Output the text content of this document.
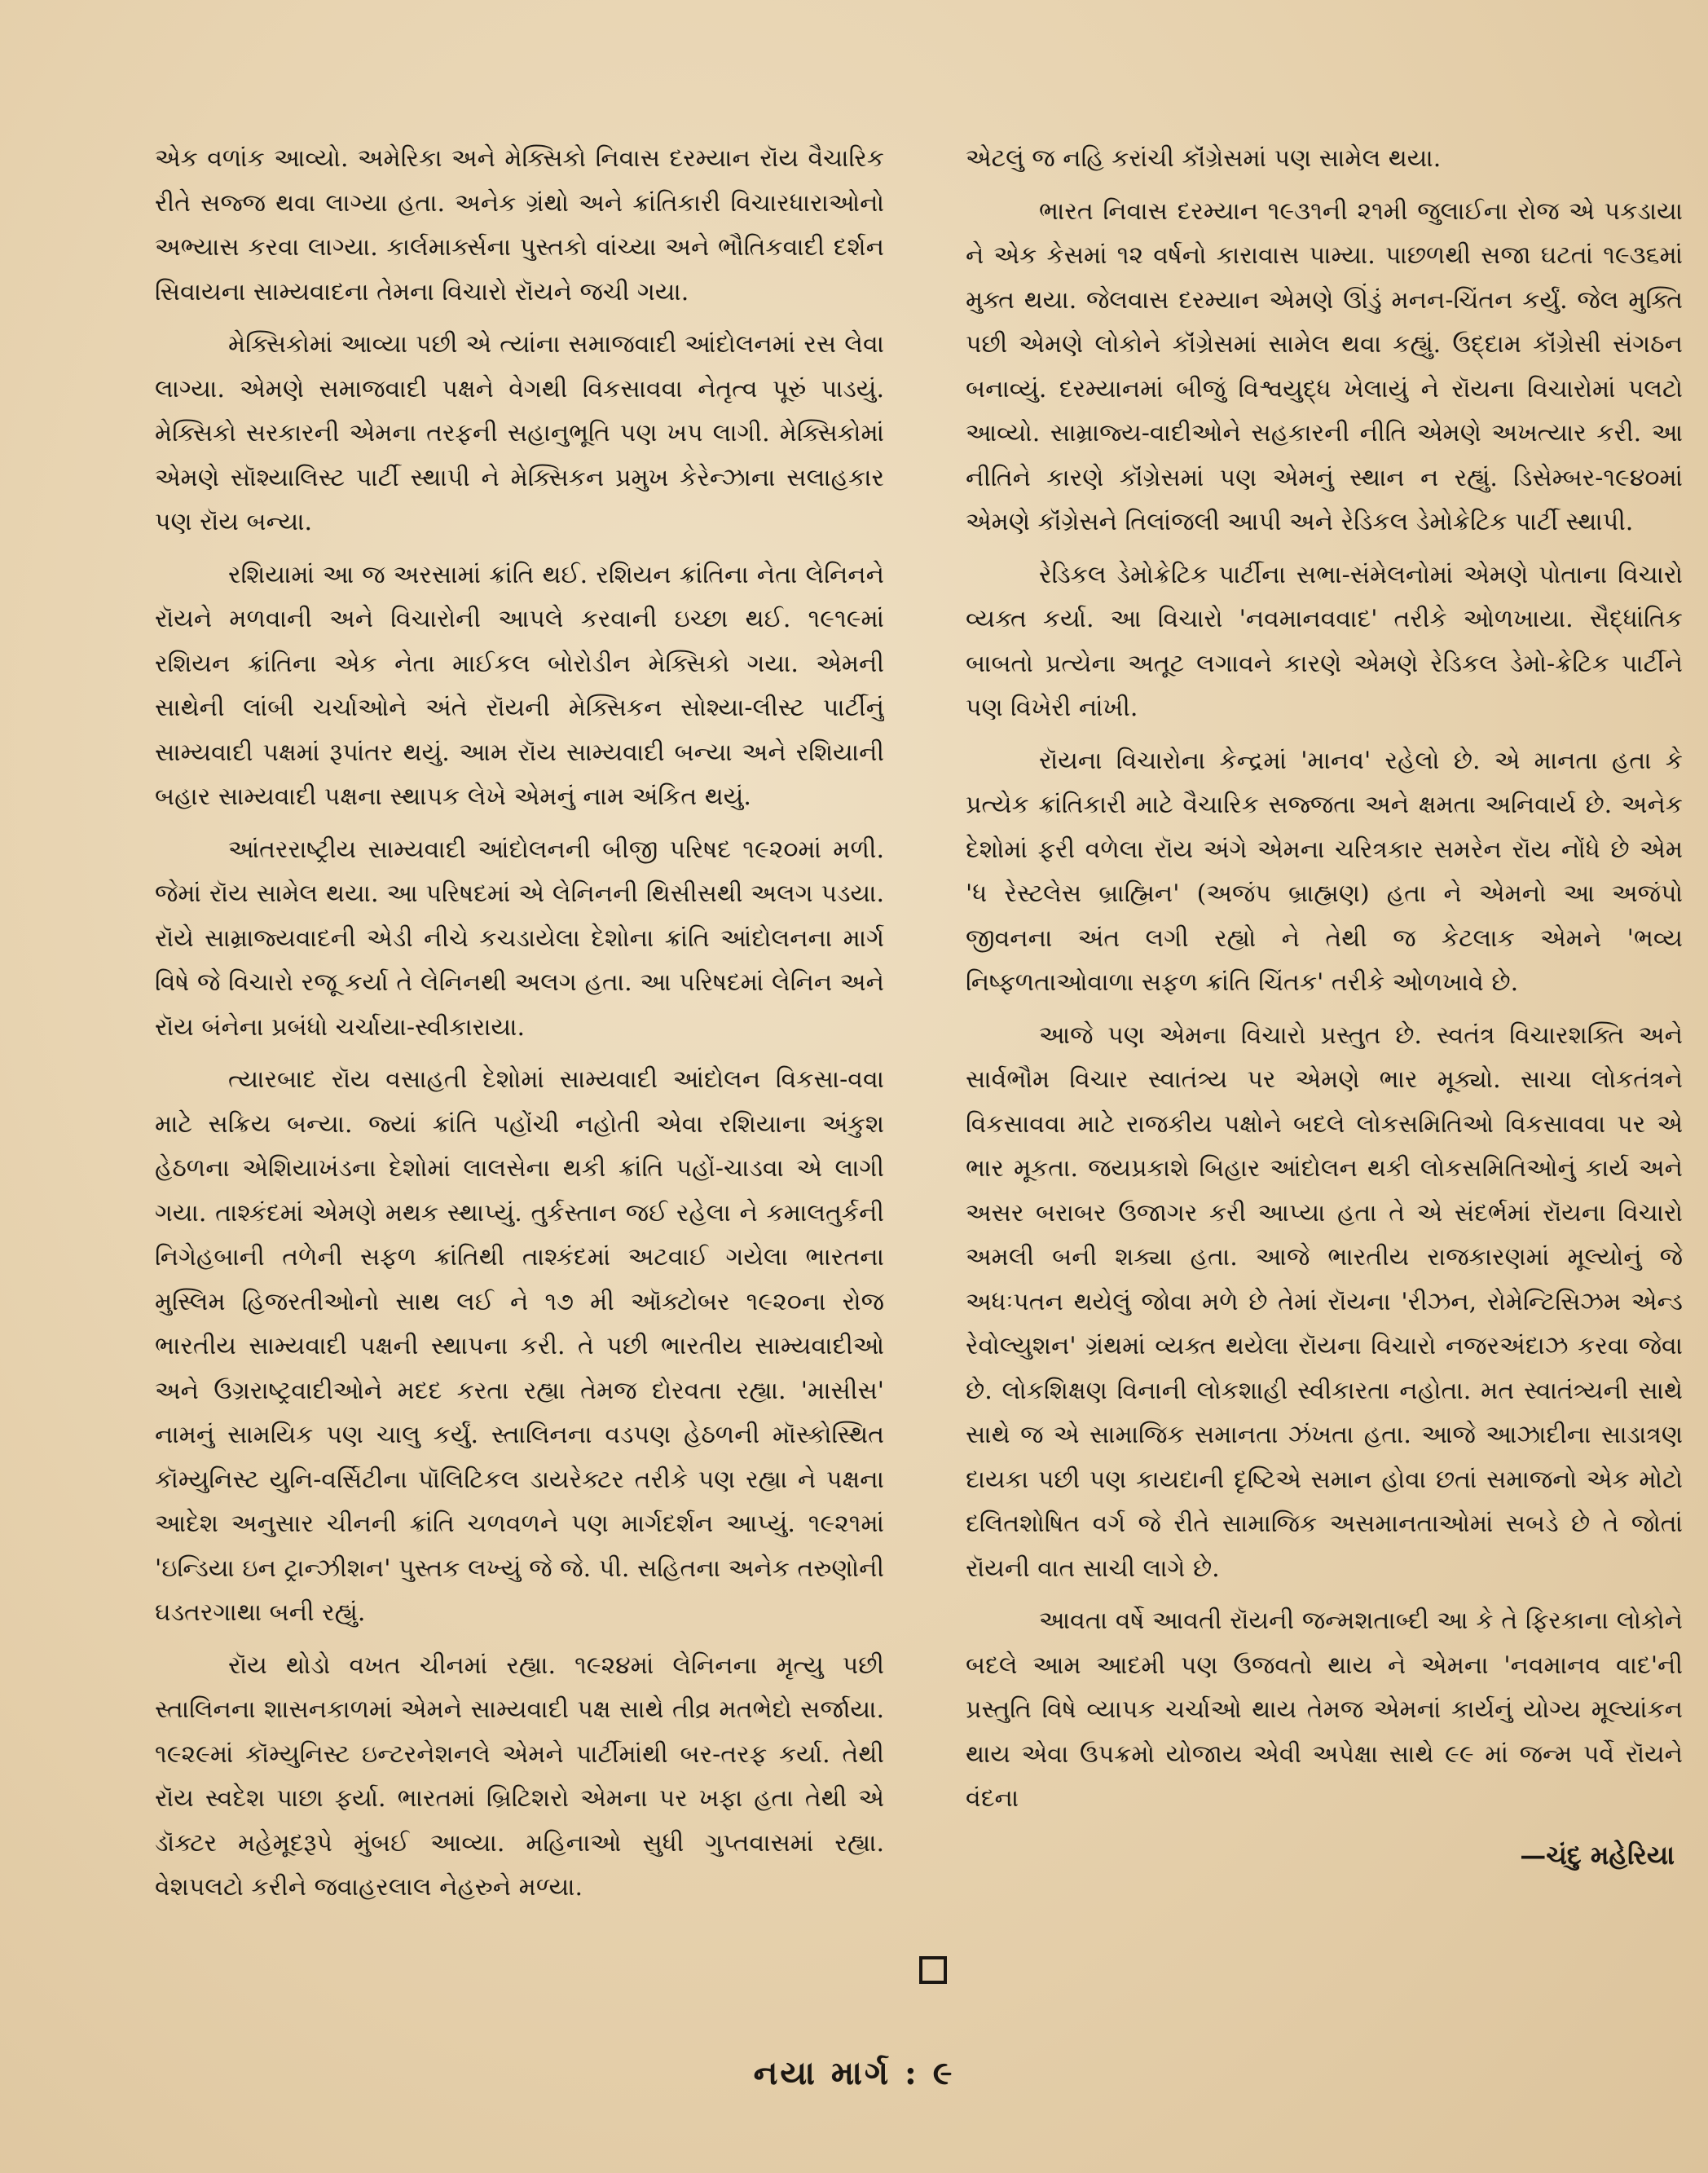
એક વળાંક આવ્યો. અમેરિકા અને મેક્સિકો નિવાસ દરમ્યાન રૉય વૈચારિક રીતે સજ્જ થવા લાગ્યા હતા. અનેક ગ્રંથો અને ક્રાંતિકારી વિચારધારાઓનો અભ્યાસ કરવા લાગ્યા. કાર્લમાર્ક્સના પુસ્તકો વાંચ્યા અને ભૌતિકવાદી દર્શન સિવાયના સામ્યવાદના તેમના વિચારો રૉયને જચી ગયા.

મેક્સિકોમાં આવ્યા પછી એ ત્યાંના સમાજવાદી આંદોલનમાં રસ લેવા લાગ્યા. એમણે સમાજવાદી પક્ષને વેગથી વિકસાવવા નેતૃત્વ પૂરું પાડયું. મેક્સિકો સરકારની એમના તરફની સહાનુભૂતિ પણ ખપ લાગી. મેક્સિકોમાં એમણે સૉશ્યાલિસ્ટ પાર્ટી સ્થાપી ને મેક્સિકન પ્રમુખ કેરેન્ઝાના સલાહકાર પણ રૉય બન્યા.

રશિયામાં આ જ અરસામાં ક્રાંતિ થઈ. રશિયન ક્રાંતિના નેતા લેનિનને રૉયને મળવાની અને વિચારોની આપલે કરવાની ઇચ્છા થઈ. ૧૯૧૯માં રશિયન ક્રાંતિના એક નેતા માઈકલ બોરોડીન મેક્સિકો ગયા. એમની સાથેની લાંબી ચર્ચાઓને અંતે રૉયની મેક્સિકન સોશ્યા-લીસ્ટ પાર્ટીનું સામ્યવાદી પક્ષમાં રૂપાંતર થયું. આમ રૉય સામ્યવાદી બન્યા અને રશિયાની બહાર સામ્યવાદી પક્ષના સ્થાપક લેખે એમનું નામ અંકિત થયું.

આંતરરાષ્ટ્રીય સામ્યવાદી આંદોલનની બીજી પરિષદ ૧૯૨૦માં મળી. જેમાં રૉય સામેલ થયા. આ પરિષદમાં એ લેનિનની થિસીસથી અલગ પડયા. રૉયે સામ્રાજ્યવાદની એડી નીચે કચડાયેલા દેશોના ક્રાંતિ આંદોલનના માર્ગ વિષે જે વિચારો રજૂ કર્યા તે લેનિનથી અલગ હતા. આ પરિષદમાં લેનિન અને રૉય બંનેના પ્રબંધો ચર્ચાયા-સ્વીકારાયા.

ત્યારબાદ રૉય વસાહતી દેશોમાં સામ્યવાદી આંદોલન વિકસા-વવા માટે સક્રિય બન્યા. જ્યાં ક્રાંતિ પહોંચી નહોતી એવા રશિયાના અંકુશ હેઠળના એશિયાખંડના દેશોમાં લાલસેના થકી ક્રાંતિ પહોં-ચાડવા એ લાગી ગયા. તાશ્કંદમાં એમણે મથક સ્થાપ્યું. તુર્કસ્તાન જઈ રહેલા ને કમાલતુર્કની નિગેહબાની તળેની સફળ ક્રાંતિથી તાશ્કંદમાં અટવાઈ ગયેલા ભારતના મુસ્લિમ હિજરતીઓનો સાથ લઈ ને ૧૭ મી ઑક્ટોબર ૧૯૨૦ના રોજ ભારતીય સામ્યવાદી પક્ષની સ્થાપના કરી. તે પછી ભારતીય સામ્યવાદીઓ અને ઉગ્રરાષ્ટ્રવાદીઓને મદદ કરતા રહ્યા તેમજ દોરવતા રહ્યા. 'માસીસ' નામનું સામયિક પણ ચાલુ કર્યું. સ્તાલિનના વડપણ હેઠળની મૉસ્કોસ્થિત કૉમ્યુનિસ્ટ યુનિ-વર્સિટીના પૉલિટિકલ ડાયરેક્ટર તરીકે પણ રહ્યા ને પક્ષના આદેશ અનુસાર ચીનની ક્રાંતિ ચળવળને પણ માર્ગદર્શન આપ્યું. ૧૯૨૧માં 'ઇન્ડિયા ઇન ટ્રાન્ઝીશન' પુસ્તક લખ્યું જે જે. પી. સહિતના અનેક તરુણોની ઘડતરગાથા બની રહ્યું.

રૉય થોડો વખત ચીનમાં રહ્યા. ૧૯૨૪માં લેનિનના મૃત્યુ પછી સ્તાલિનના શાસનકાળમાં એમને સામ્યવાદી પક્ષ સાથે તીવ્ર મતભેદો સર્જાયા. ૧૯૨૯માં કૉમ્યુનિસ્ટ ઇન્ટરનેશનલે એમને પાર્ટીમાંથી બર-તરફ કર્યા. તેથી રૉય સ્વદેશ પાછા ફર્યા. ભારતમાં બ્રિટિશરો એમના પર ખફા હતા તેથી એ ડૉક્ટર મહેમૂદરૂપે મુંબઈ આવ્યા. મહિનાઓ સુધી ગુપ્તવાસમાં રહ્યા. વેશપલટો કરીને જવાહરલાલ નેહરુને મળ્યા.

એટલું જ નહિ કરાંચી કૉંગ્રેસમાં પણ સામેલ થયા.

ભારત નિવાસ દરમ્યાન ૧૯૩૧ની ૨૧મી જુલાઈના રોજ એ પકડાયા ને એક કેસમાં ૧૨ વર્ષનો કારાવાસ પામ્યા. પાછળથી સજા ઘટતાં ૧૯૩૬માં મુક્ત થયા. જેલવાસ દરમ્યાન એમણે ઊંડું મનન-ચિંતન કર્યું. જેલ મુક્તિ પછી એમણે લોકોને કૉંગ્રેસમાં સામેલ થવા કહ્યું. ઉદ્દામ કૉંગ્રેસી સંગઠન બનાવ્યું. દરમ્યાનમાં બીજું વિશ્વયુદ્ધ ખેલાયું ને રૉયના વિચારોમાં પલટો આવ્યો. સામ્રાજ્ય-વાદીઓને સહકારની નીતિ એમણે અખત્યાર કરી. આ નીતિને કારણે કૉંગ્રેસમાં પણ એમનું સ્થાન ન રહ્યું. ડિસેમ્બર-૧૯૪૦માં એમણે કૉંગ્રેસને તિલાંજલી આપી અને રેડિકલ ડેમોક્રેટિક પાર્ટી સ્થાપી.

રેડિકલ ડેમોક્રેટિક પાર્ટીના સભા-સંમેલનોમાં એમણે પોતાના વિચારો વ્યક્ત કર્યા. આ વિચારો 'નવમાનવવાદ' તરીકે ઓળખાયા. સૈદ્ધાંતિક બાબતો પ્રત્યેના અતૂટ લગાવને કારણે એમણે રેડિકલ ડેમો-ક્રેટિક પાર્ટીને પણ વિખેરી નાંખી.

રૉયના વિચારોના કેન્દ્રમાં 'માનવ' રહેલો છે. એ માનતા હતા કે પ્રત્યેક ક્રાંતિકારી માટે વૈચારિક સજ્જતા અને ક્ષમતા અનિવાર્ય છે. અનેક દેશોમાં ફરી વળેલા રૉય અંગે એમના ચરિત્રકાર સમરેન રૉય નોંધે છે એમ 'ધ રેસ્ટલેસ બ્રાહ્મિન' (અજંપ બ્રાહ્મણ) હતા ને એમનો આ અજંપો જીવનના અંત લગી રહ્યો ને તેથી જ કેટલાક એમને 'ભવ્ય નિષ્ફળતાઓવાળા સફળ ક્રાંતિ ચિંતક' તરીકે ઓળખાવે છે.

આજે પણ એમના વિચારો પ્રસ્તુત છે. સ્વતંત્ર વિચારશક્તિ અને સાર્વભૌમ વિચાર સ્વાતંત્ર્ય પર એમણે ભાર મૂક્યો. સાચા લોકતંત્રને વિકસાવવા માટે રાજકીય પક્ષોને બદલે લોકસમિતિઓ વિકસાવવા પર એ ભાર મૂકતા. જયપ્રકાશે બિહાર આંદોલન થકી લોકસમિતિઓનું કાર્ય અને અસર બરાબર ઉજાગર કરી આપ્યા હતા તે એ સંદર્ભમાં રૉયના વિચારો અમલી બની શક્યા હતા. આજે ભારતીય રાજકારણમાં મૂલ્યોનું જે અધઃપતન થયેલું જોવા મળે છે તેમાં રૉયના 'રીઝન, રોમેન્ટિસિઝમ એન્ડ રેવોલ્યુશન' ગ્રંથમાં વ્યક્ત થયેલા રૉયના વિચારો નજરઅંદાઝ કરવા જેવા છે. લોકશિક્ષણ વિનાની લોકશાહી સ્વીકારતા નહોતા. મત સ્વાતંત્ર્યની સાથે સાથે જ એ સામાજિક સમાનતા ઝંખતા હતા. આજે આઝાદીના સાડાત્રણ દાયકા પછી પણ કાયદાની દૃષ્ટિએ સમાન હોવા છતાં સમાજનો એક મોટો દલિતશોષિત વર્ગ જે રીતે સામાજિક અસમાનતાઓમાં સબડે છે તે જોતાં રૉયની વાત સાચી લાગે છે.

આવતા વર્ષે આવતી રૉયની જન્મશતાબ્દી આ કે તે ફિરકાના લોકોને બદલે આમ આદમી પણ ઉજવતો થાય ને એમના 'નવમાનવ વાદ'ની પ્રસ્તુતિ વિષે વ્યાપક ચર્ચાઓ થાય તેમજ એમનાં કાર્યનું યોગ્ય મૂલ્યાંકન થાય એવા ઉપક્રમો યોજાય એવી અપેક્ષા સાથે ૯૯ માં જન્મ પર્વે રૉયને વંદના

—ચંદુ મહેરિયા

નયા માર્ગ : ૯
